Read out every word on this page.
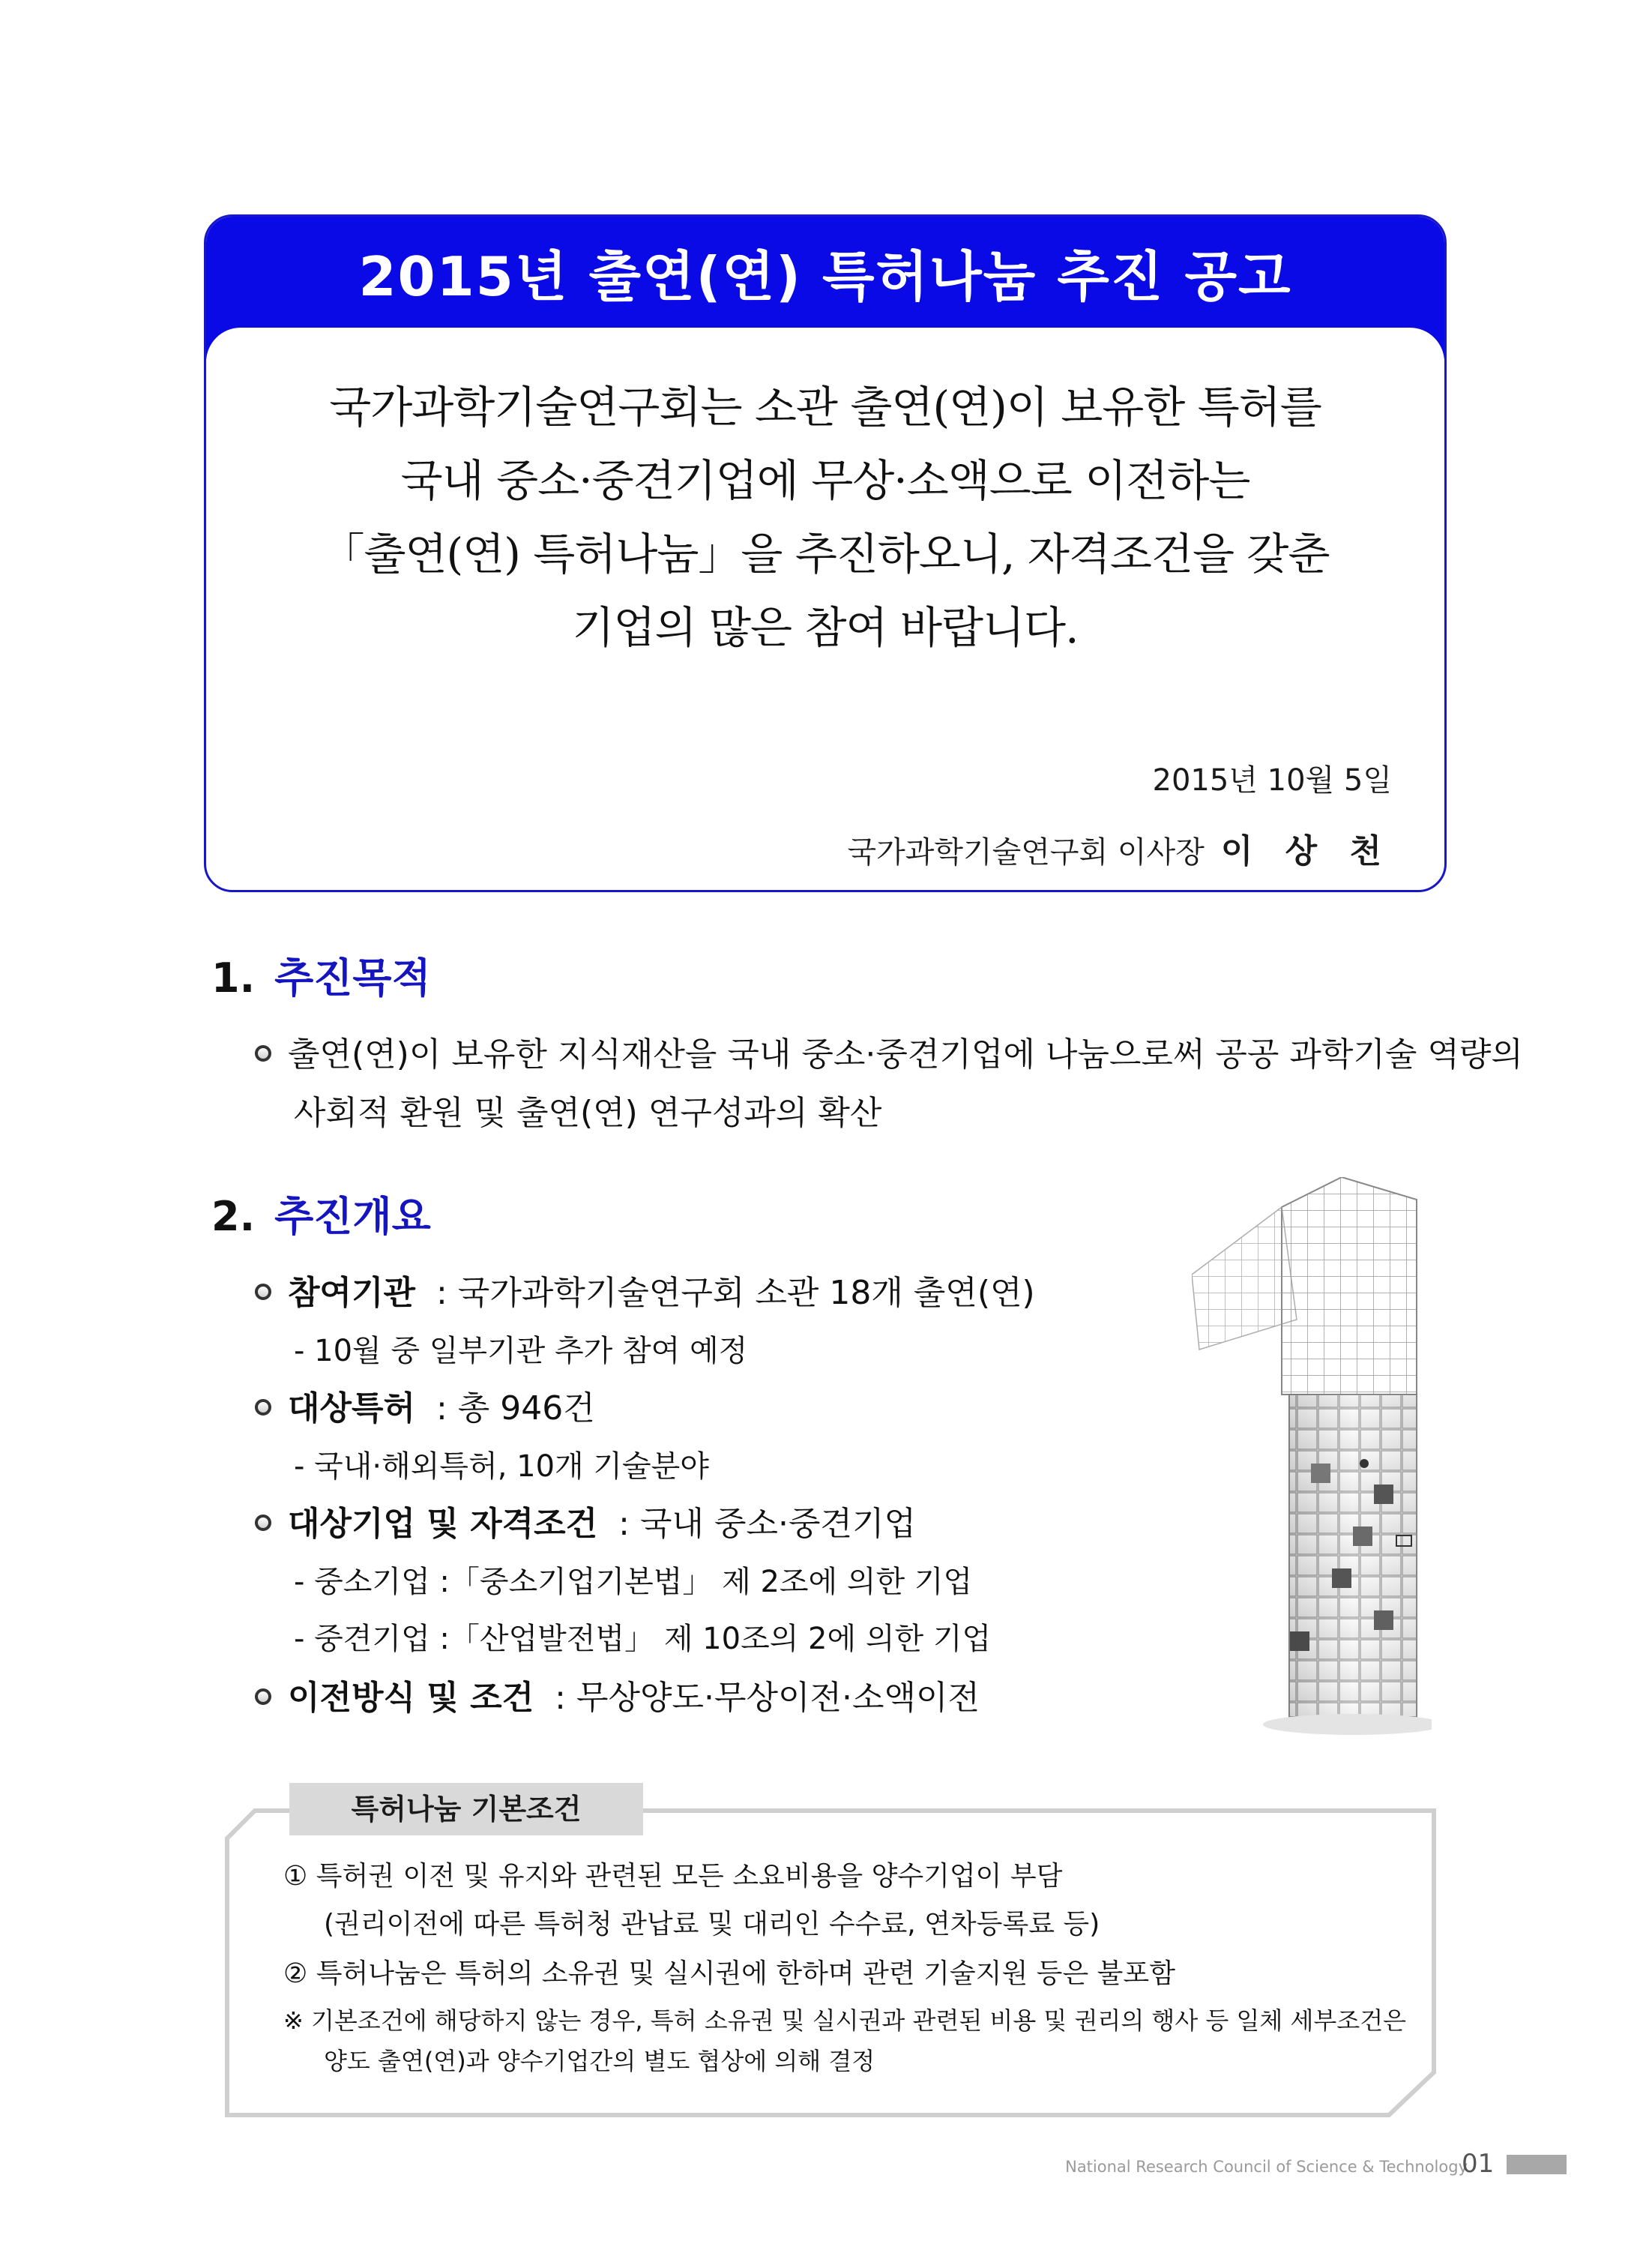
2015년 출연(연) 특허나눔 추진 공고
국가과학기술연구회는 소관 출연(연)이 보유한 특허를
국내 중소·중견기업에 무상·소액으로 이전하는
「출연(연) 특허나눔」을 추진하오니, 자격조건을 갖춘
기업의 많은 참여 바랍니다.
2015년 10월 5일
국가과학기술연구회 이사장 이 상 천
1. 추진목적
출연(연)이 보유한 지식재산을 국내 중소·중견기업에 나눔으로써 공공 과학기술 역량의
사회적 환원 및 출연(연) 연구성과의 확산
2. 추진개요
참여기관 : 국가과학기술연구회 소관 18개 출연(연)
- 10월 중 일부기관 추가 참여 예정
대상특허 : 총 946건
- 국내·해외특허, 10개 기술분야
대상기업 및 자격조건 : 국내 중소·중견기업
- 중소기업 :「중소기업기본법」 제 2조에 의한 기업
- 중견기업 :「산업발전법」 제 10조의 2에 의한 기업
이전방식 및 조건 : 무상양도·무상이전·소액이전
특허나눔 기본조건
① 특허권 이전 및 유지와 관련된 모든 소요비용을 양수기업이 부담
(권리이전에 따른 특허청 관납료 및 대리인 수수료, 연차등록료 등)
② 특허나눔은 특허의 소유권 및 실시권에 한하며 관련 기술지원 등은 불포함
※ 기본조건에 해당하지 않는 경우, 특허 소유권 및 실시권과 관련된 비용 및 권리의 행사 등 일체 세부조건은
양도 출연(연)과 양수기업간의 별도 협상에 의해 결정
National Research Council of Science & Technology
01
